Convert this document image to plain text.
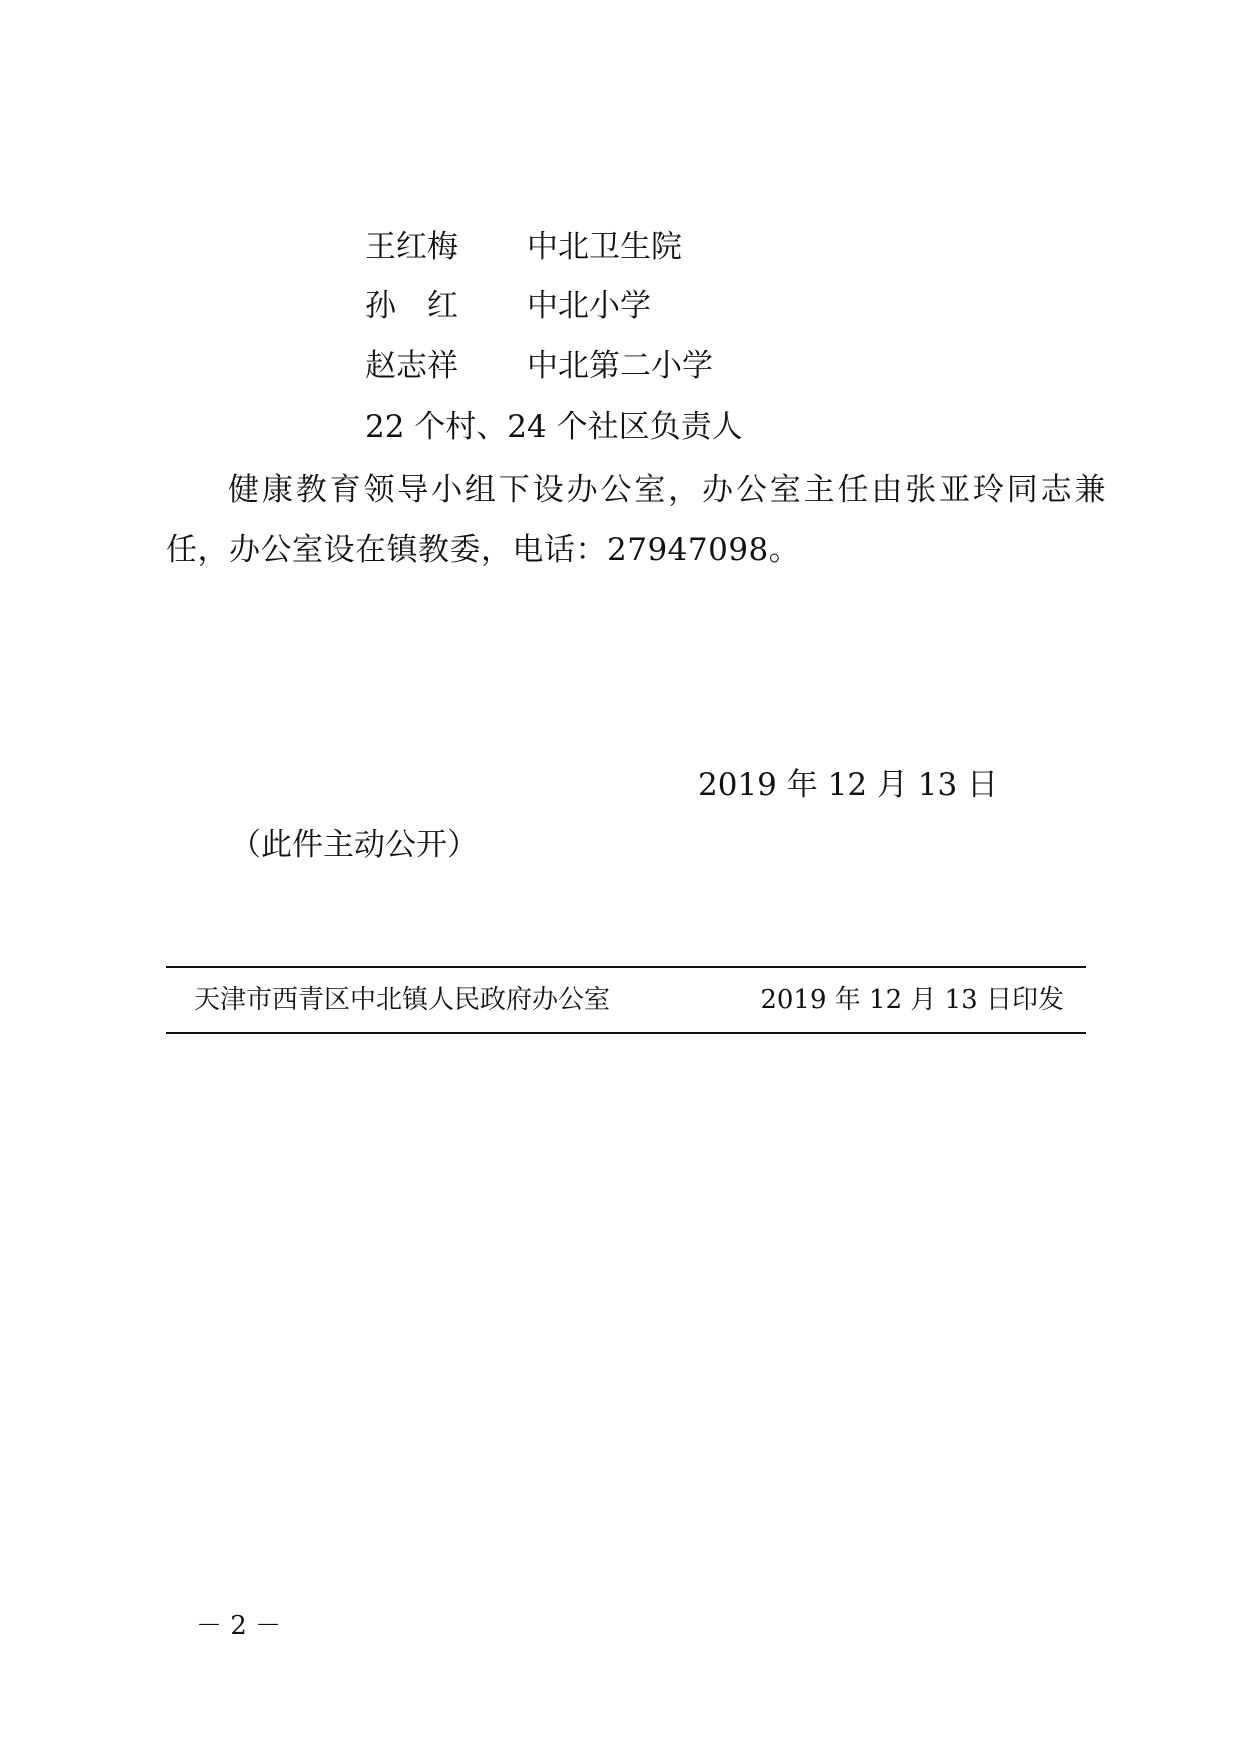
王红梅 中北卫生院
孙　红 中北小学
赵志祥 中北第二小学
22 个村、24 个社区负责人
健康教育领导小组下设办公室，办公室主任由张亚玲同志兼任，办公室设在镇教委，电话：27947098。
2019 年 12 月 13 日
（此件主动公开）
天津市西青区中北镇人民政府办公室	2019 年 12 月 13 日印发
－ 2 －
